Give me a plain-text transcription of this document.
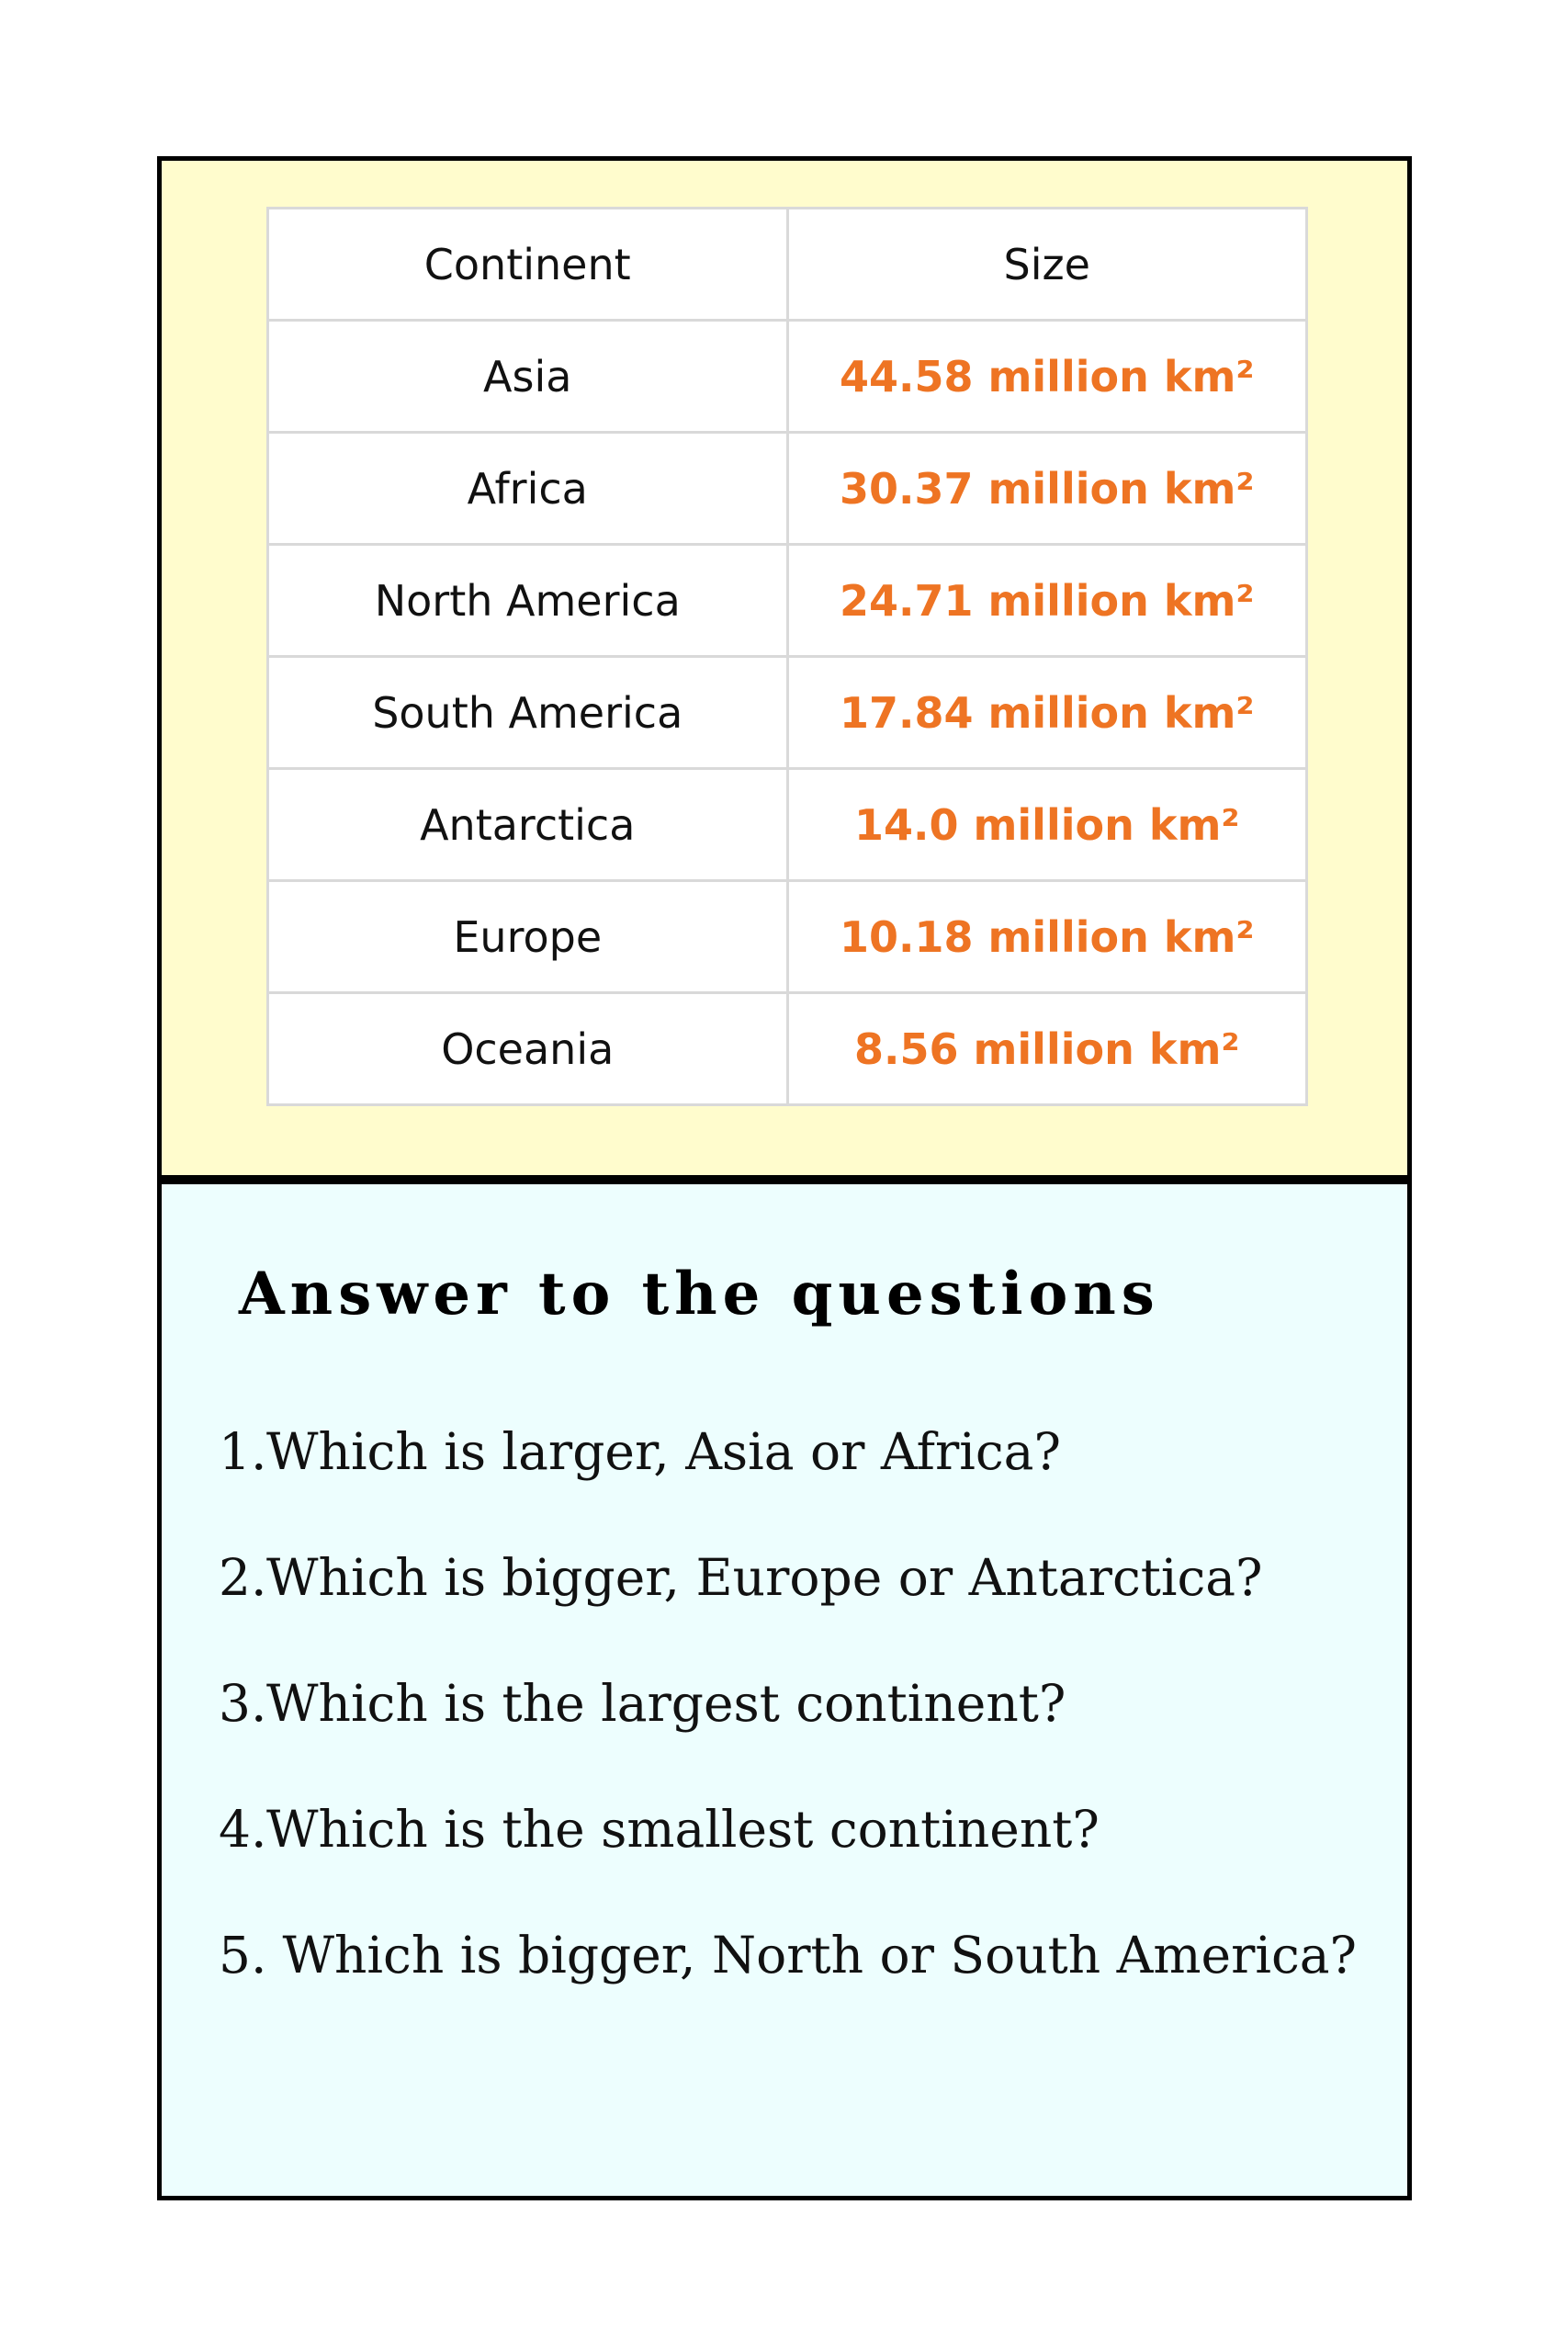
Continent	Size
Asia	44.58 million km²
Africa	30.37 million km²
North America	24.71 million km²
South America	17.84 million km²
Antarctica	14.0 million km²
Europe	10.18 million km²
Oceania	8.56 million km²
Answer to the questions
1.Which is larger, Asia or Africa?
2.Which is bigger, Europe or Antarctica?
3.Which is the largest continent?
4.Which is the smallest continent?
5. Which is bigger, North or South America?
